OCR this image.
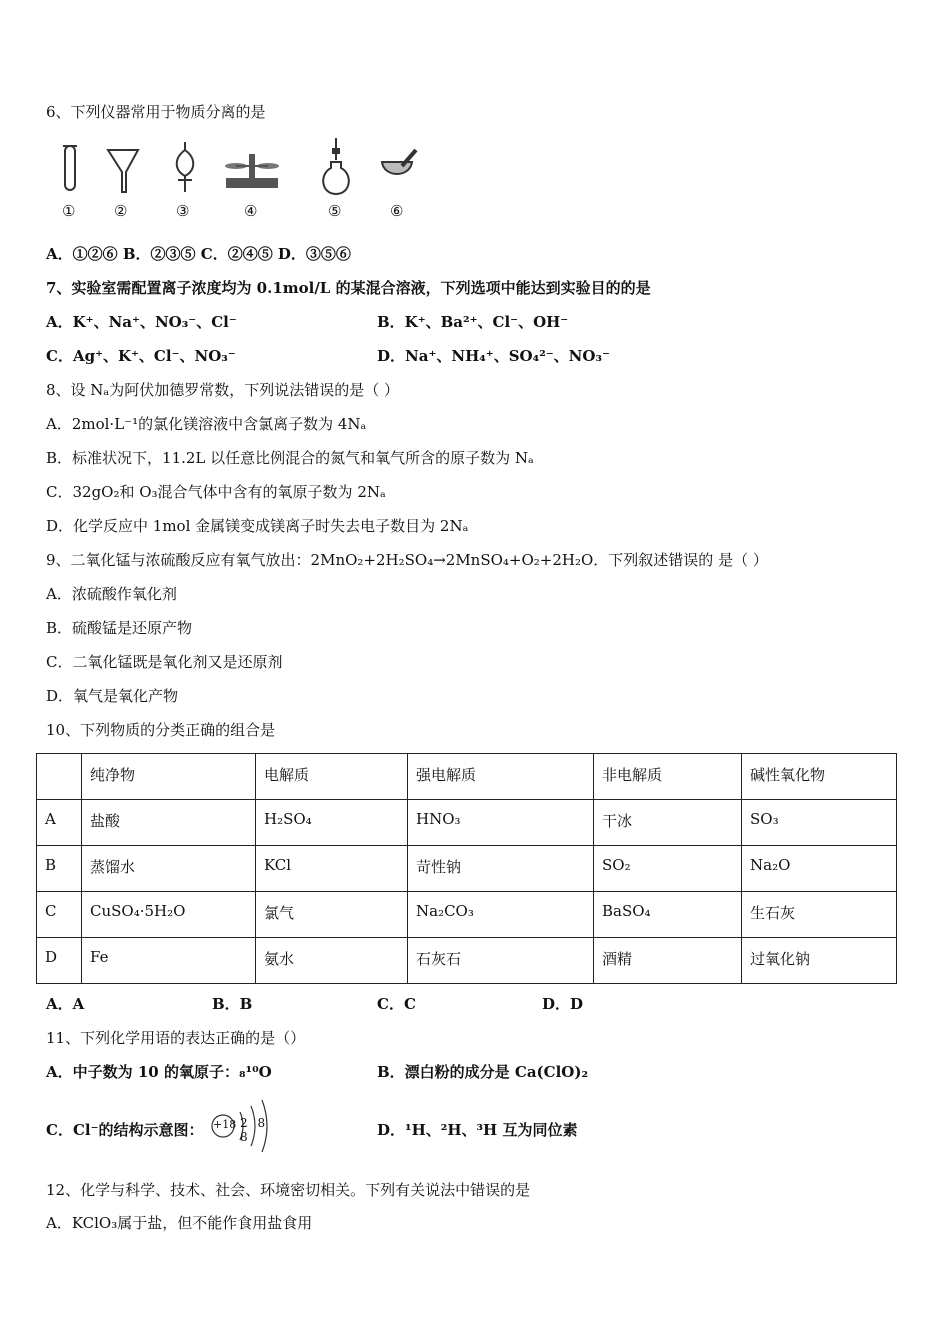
6、下列仪器常用于物质分离的是
①	②	③	④	⑤	⑥
A．①②⑥ B．②③⑤ C．②④⑤ D．③⑤⑥
7、实验室需配置离子浓度均为 0.1mol/L 的某混合溶液，下列选项中能达到实验目的的是
A．K⁺、Na⁺、NO₃⁻、Cl⁻	B．K⁺、Ba²⁺、Cl⁻、OH⁻
C．Ag⁺、K⁺、Cl⁻、NO₃⁻	D．Na⁺、NH₄⁺、SO₄²⁻、NO₃⁻
8、设 Nₐ为阿伏加德罗常数，下列说法错误的是（ ）
A．2mol·L⁻¹的氯化镁溶液中含氯离子数为 4Nₐ
B．标准状况下，11.2L 以任意比例混合的氮气和氧气所含的原子数为 Nₐ
C．32gO₂和 O₃混合气体中含有的氧原子数为 2Nₐ
D．化学反应中 1mol 金属镁变成镁离子时失去电子数目为 2Nₐ
9、二氧化锰与浓硫酸反应有氧气放出：2MnO₂+2H₂SO₄→2MnSO₄+O₂+2H₂O．下列叙述错误的 是（ ）
A．浓硫酸作氧化剂
B．硫酸锰是还原产物
C．二氧化锰既是氧化剂又是还原剂
D．氧气是氧化产物
10、下列物质的分类正确的组合是
	纯净物	电解质	强电解质	非电解质	碱性氧化物
A	盐酸	H₂SO₄	HNO₃	干冰	SO₃
B	蒸馏水	KCl	苛性钠	SO₂	Na₂O
C	CuSO₄·5H₂O	氯气	Na₂CO₃	BaSO₄	生石灰
D	Fe	氨水	石灰石	酒精	过氧化钠
A．A	B．B	C．C	D．D
11、下列化学用语的表达正确的是（）
A．中子数为 10 的氧原子：₈¹⁰O	B．漂白粉的成分是 Ca(ClO)₂
C．Cl⁻的结构示意图： +18 2 8 8	D．¹H、²H、³H 互为同位素
12、化学与科学、技术、社会、环境密切相关。下列有关说法中错误的是
A．KClO₃属于盐，但不能作食用盐食用
